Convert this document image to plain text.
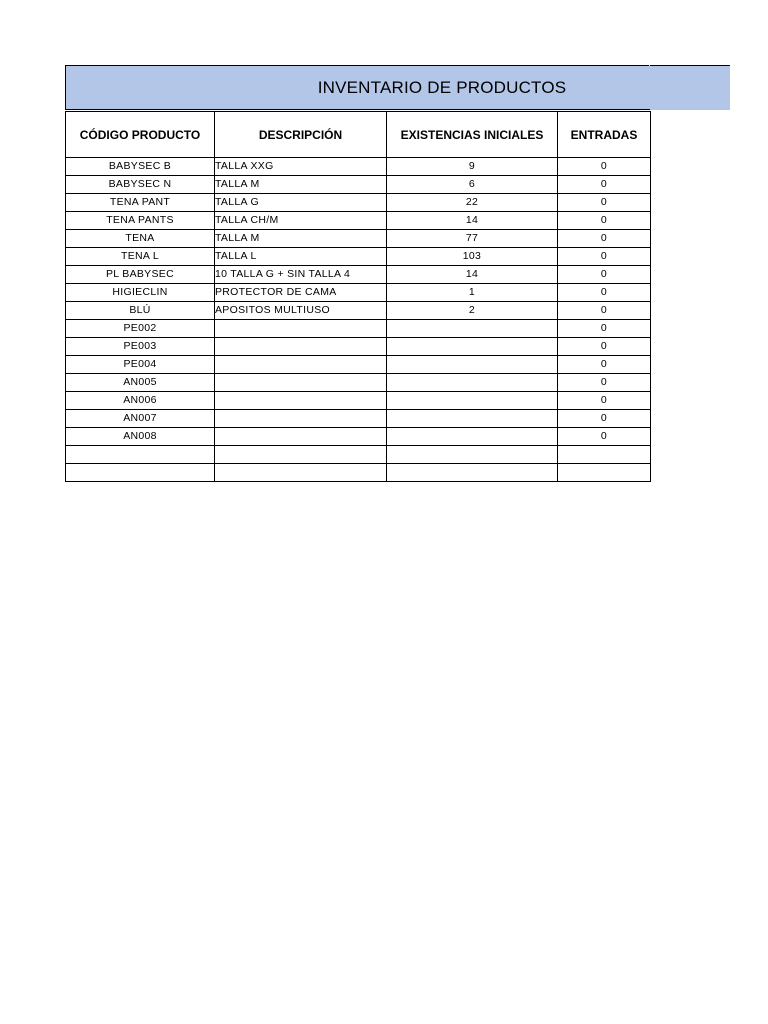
INVENTARIO DE PRODUCTOS
CÓDIGO PRODUCTO	DESCRIPCIÓN	EXISTENCIAS INICIALES	ENTRADAS
BABYSEC B	TALLA XXG	9	0
BABYSEC N	TALLA M	6	0
TENA PANT	TALLA G	22	0
TENA PANTS	TALLA CH/M	14	0
TENA	TALLA M	77	0
TENA L	TALLA L	103	0
PL BABYSEC	10 TALLA G + SIN TALLA 4	14	0
HIGIECLIN	PROTECTOR DE CAMA	1	0
BLÚ	APOSITOS MULTIUSO	2	0
PE002			0
PE003			0
PE004			0
AN005			0
AN006			0
AN007			0
AN008			0
